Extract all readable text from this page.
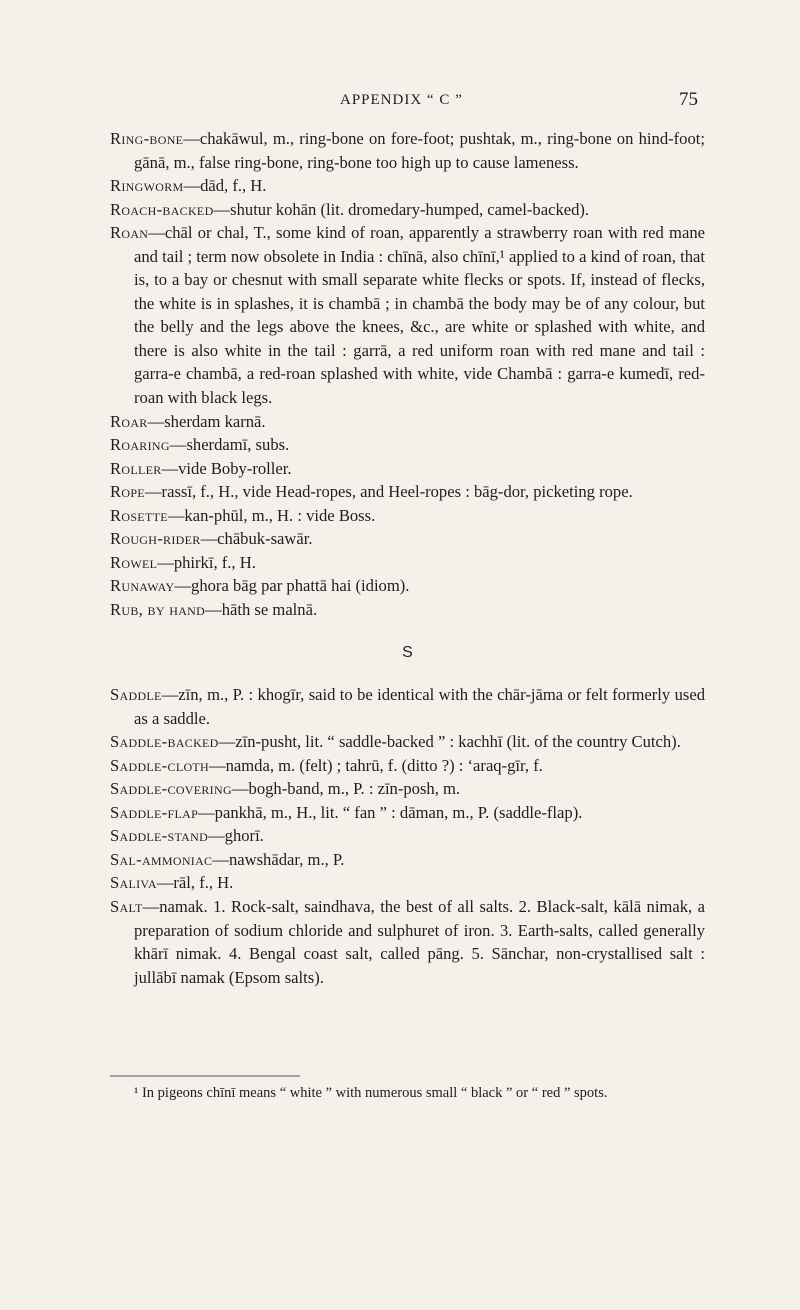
APPENDIX “ C ”	75

Ring-bone—chakāwul, m., ring-bone on fore-foot; pushtak, m., ring-bone on hind-foot; gānā, m., false ring-bone, ring-bone too high up to cause lameness.

Ringworm—dād, f., H.

Roach-backed—shutur kohān (lit. dromedary-humped, camel-backed).

Roan—chāl or chal, T., some kind of roan, apparently a strawberry roan with red mane and tail ; term now obsolete in India : chīnā, also chīnī,¹ applied to a kind of roan, that is, to a bay or chesnut with small separate white flecks or spots. If, instead of flecks, the white is in splashes, it is chambā ; in chambā the body may be of any colour, but the belly and the legs above the knees, &c., are white or splashed with white, and there is also white in the tail : garrā, a red uniform roan with red mane and tail : garra-e chambā, a red-roan splashed with white, vide Chambā : garra-e kumedī, red-roan with black legs.

Roar—sherdam karnā.

Roaring—sherdamī, subs.

Roller—vide Boby-roller.

Rope—rassī, f., H., vide Head-ropes, and Heel-ropes : bāg-dor, picketing rope.

Rosette—kan-phūl, m., H. : vide Boss.

Rough-rider—chābuk-sawār.

Rowel—phirkī, f., H.

Runaway—ghora bāg par phattā hai (idiom).

Rub, by hand—hāth se malnā.

S

Saddle—zīn, m., P. : khogīr, said to be identical with the chār-jāma or felt formerly used as a saddle.

Saddle-backed—zīn-pusht, lit. “ saddle-backed ” : kachhī (lit. of the country Cutch).

Saddle-cloth—namda, m. (felt) ; tahrū, f. (ditto ?) : ‘araq-gīr, f.

Saddle-covering—bogh-band, m., P. : zīn-posh, m.

Saddle-flap—pankhā, m., H., lit. “ fan ” : dāman, m., P. (saddle-flap).

Saddle-stand—ghorī.

Sal-ammoniac—nawshādar, m., P.

Saliva—rāl, f., H.

Salt—namak. 1. Rock-salt, saindhava, the best of all salts. 2. Black-salt, kālā nimak, a preparation of sodium chloride and sulphuret of iron. 3. Earth-salts, called generally khārī nimak. 4. Bengal coast salt, called pāng. 5. Sānchar, non-crystallised salt : jullābī namak (Epsom salts).

¹ In pigeons chīnī means “ white ” with numerous small “ black ” or “ red ” spots.
